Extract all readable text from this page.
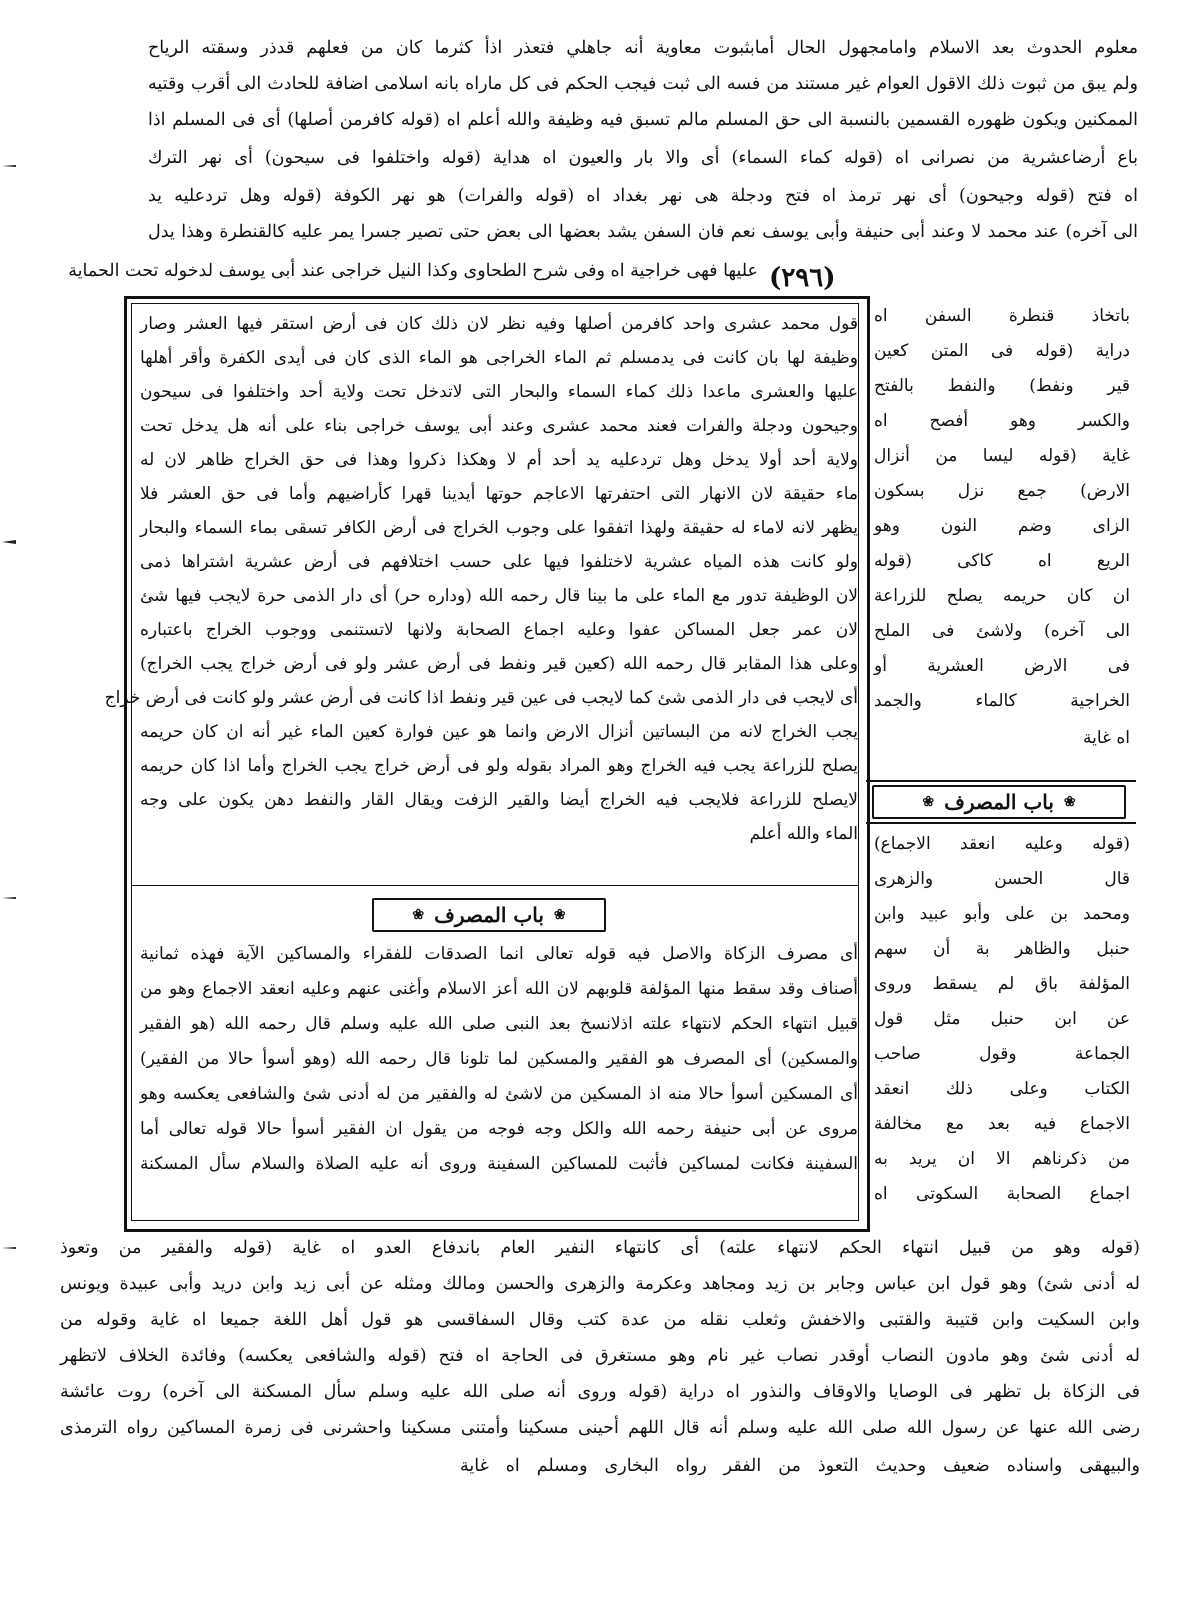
معلوم الحدوث بعد الاسلام وامامجهول الحال أمابثبوت معاوية أنه جاهلي فتعذر اذأ كثرما كان من فعلهم قدذر وسقته الرياح
ولم يبق من ثبوت ذلك الاقول العوام غير مستند من فسه الى ثبت فيجب الحكم فى كل ماراه بانه اسلامى اضافة للحادث الى أقرب وقتيه
الممكنين ويكون ظهوره القسمين بالنسبة الى حق المسلم مالم تسبق فيه وظيفة والله أعلم اه (قوله كافرمن أصلها) أى فى المسلم اذا
باع أرضاعشرية من نصرانى اه (قوله كماء السماء) أى والا بار والعيون اه هداية (قوله واختلفوا فى سيحون) أى نهر الترك
اه فتح (قوله وجيحون) أى نهر ترمذ اه فتح ودجلة هى نهر بغداد اه (قوله والفرات) هو نهر الكوفة (قوله وهل تردعليه يد
الى آخره) عند محمد لا وعند أبى حنيفة وأبى يوسف نعم فان السفن يشد بعضها الى بعض حتى تصير جسرا يمر عليه كالقنطرة وهذا يدل
عليها فهى خراجية اه وفى شرح الطحاوى وكذا النيل خراجى عند أبى يوسف لدخوله تحت الحماية (٢٩٦)
قول محمد عشرى واحد كافرمن أصلها وفيه نظر لان ذلك كان فى أرض استقر فيها العشر وصار
وظيفة لها بان كانت فى يدمسلم ثم الماء الخراجى هو الماء الذى كان فى أيدى الكفرة وأقر أهلها
عليها والعشرى ماعدا ذلك كماء السماء والبحار التى لاتدخل تحت ولاية أحد واختلفوا فى سيحون
وجيحون ودجلة والفرات فعند محمد عشرى وعند أبى يوسف خراجى بناء على أنه هل يدخل تحت
ولاية أحد أولا يدخل وهل تردعليه يد أحد أم لا وهكذا ذكروا وهذا فى حق الخراج ظاهر لان له
ماء حقيقة لان الانهار التى احتفرتها الاعاجم حوتها أيدينا قهرا كأراضيهم وأما فى حق العشر فلا
يظهر لانه لاماء له حقيقة ولهذا اتفقوا على وجوب الخراج فى أرض الكافر تسقى بماء السماء والبحار
ولو كانت هذه المياه عشرية لاختلفوا فيها على حسب اختلافهم فى أرض عشرية اشتراها ذمى
لان الوظيفة تدور مع الماء على ما بينا قال رحمه الله (وداره حر) أى دار الذمى حرة لايجب فيها شئ
لان عمر جعل المساكن عفوا وعليه اجماع الصحابة ولانها لاتستنمى ووجوب الخراج باعتباره
وعلى هذا المقابر قال رحمه الله (كعين قير ونفط فى أرض عشر ولو فى أرض خراج يجب الخراج)
أى لايجب فى دار الذمى شئ كما لايجب فى عين قير ونفط اذا كانت فى أرض عشر ولو كانت فى أرض خراج
يجب الخراج لانه من البساتين أنزال الارض وانما هو عين فوارة كعين الماء غير أنه ان كان حريمه
يصلح للزراعة يجب فيه الخراج وهو المراد بقوله ولو فى أرض خراج يجب الخراج وأما اذا كان حريمه
لايصلح للزراعة فلايجب فيه الخراج أيضا والقير الزفت ويقال القار والنفط دهن يكون على وجه
الماء والله أعلم
❀
باب المصرف
❀
أى مصرف الزكاة والاصل فيه قوله تعالى انما الصدقات للفقراء والمساكين الآية فهذه ثمانية
أصناف وقد سقط منها المؤلفة قلوبهم لان الله أعز الاسلام وأغنى عنهم وعليه انعقد الاجماع وهو من
قبيل انتهاء الحكم لانتهاء علته اذلانسخ بعد النبى صلى الله عليه وسلم قال رحمه الله (هو الفقير
والمسكين) أى المصرف هو الفقير والمسكين لما تلونا قال رحمه الله (وهو أسوأ حالا من الفقير)
أى المسكين أسوأ حالا منه اذ المسكين من لاشئ له والفقير من له أدنى شئ والشافعى يعكسه وهو
مروى عن أبى حنيفة رحمه الله والكل وجه فوجه من يقول ان الفقير أسوأ حالا قوله تعالى أما
السفينة فكانت لمساكين فأثبت للمساكين السفينة وروى أنه عليه الصلاة والسلام سأل المسكنة
باتخاذ قنطرة السفن اه
دراية (قوله فى المتن كعين
قير ونفط) والنفط بالفتح
والكسر وهو أفصح اه
غاية (قوله ليسا من أنزال
الارض) جمع نزل بسكون
الزاى وضم النون وهو
الريع اه كاكى (قوله
ان كان حريمه يصلح للزراعة
الى آخره) ولاشئ فى الملح
فى الارض العشرية أو
الخراجية كالماء والجمد
اه غاية
❀
باب المصرف
❀
(قوله وعليه انعقد الاجماع)
قال الحسن والزهرى
ومحمد بن على وأبو عبيد وابن
حنبل والظاهر بة أن سهم
المؤلفة باق لم يسقط وروى
عن ابن حنبل مثل قول
الجماعة وقول صاحب
الكتاب وعلى ذلك انعقد
الاجماع فيه بعد مع مخالفة
من ذكرناهم الا ان يريد به
اجماع الصحابة السكوتى اه
(قوله وهو من قبيل انتهاء الحكم لانتهاء علته) أى كانتهاء النفير العام باندفاع العدو اه غاية (قوله والفقير من وتعوذ
له أدنى شئ) وهو قول ابن عباس وجابر بن زيد ومجاهد وعكرمة والزهرى والحسن ومالك ومثله عن أبى زيد وابن دريد وأبى عبيدة ويونس
وابن السكيت وابن قتيبة والقتبى والاخفش وثعلب نقله من عدة كتب وقال السفاقسى هو قول أهل اللغة جميعا اه غاية وقوله من
له أدنى شئ وهو مادون النصاب أوقدر نصاب غير نام وهو مستغرق فى الحاجة اه فتح (قوله والشافعى يعكسه) وفائدة الخلاف لاتظهر
فى الزكاة بل تظهر فى الوصايا والاوقاف والنذور اه دراية (قوله وروى أنه صلى الله عليه وسلم سأل المسكنة الى آخره) روت عائشة
رضى الله عنها عن رسول الله صلى الله عليه وسلم أنه قال اللهم أحينى مسكينا وأمتنى مسكينا واحشرنى فى زمرة المساكين رواه الترمذى
والبيهقى واسناده ضعيف وحديث التعوذ من الفقر رواه البخارى ومسلم اه غاية
